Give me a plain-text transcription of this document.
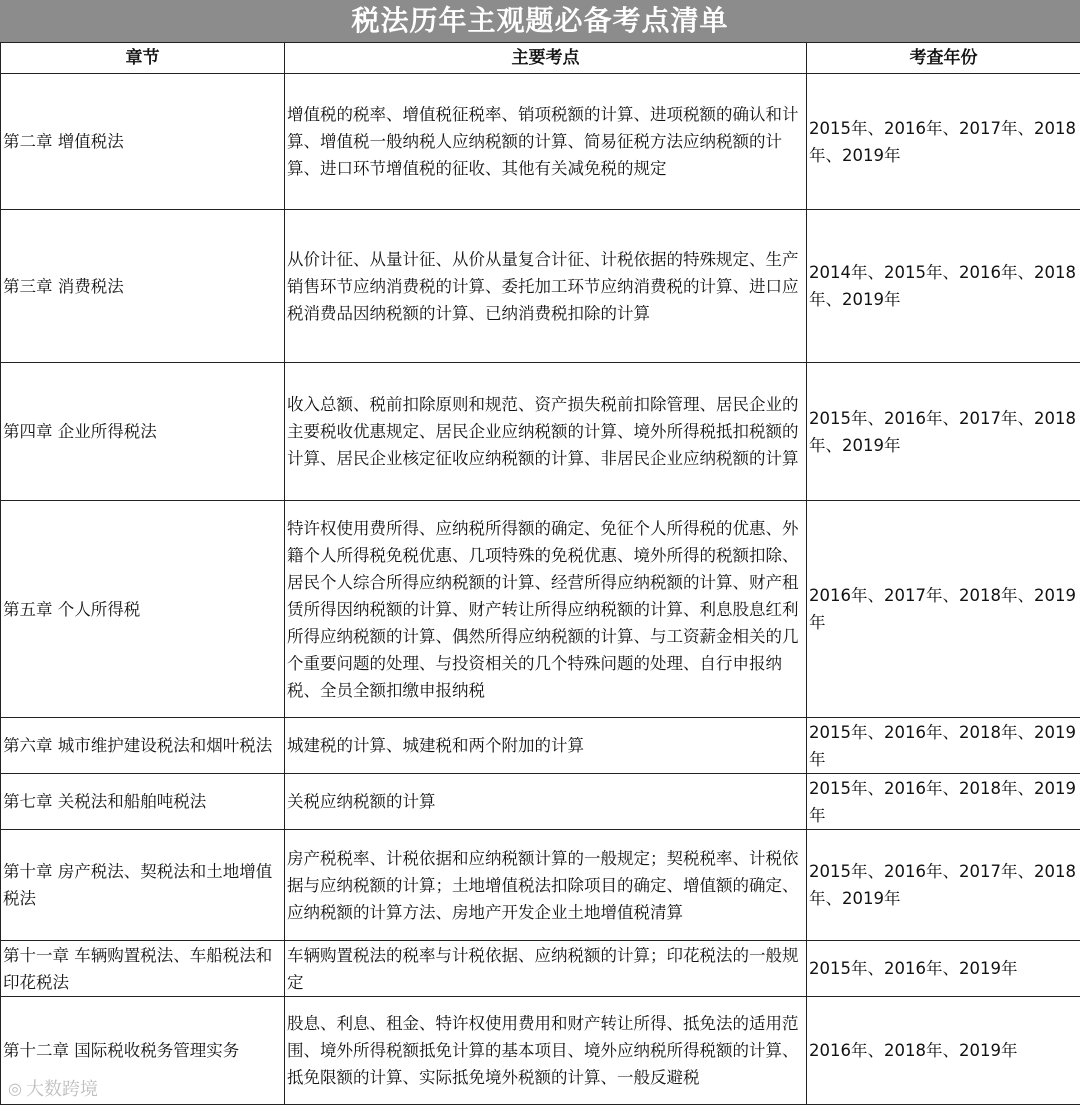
税法历年主观题必备考点清单
章节	主要考点	考查年份
第二章 增值税法	增值税的税率、增值税征税率、销项税额的计算、进项税额的确认和计算、增值税一般纳税人应纳税额的计算、简易征税方法应纳税额的计算、进口环节增值税的征收、其他有关减免税的规定	2015年、2016年、2017年、2018年、2019年
第三章 消费税法	从价计征、从量计征、从价从量复合计征、计税依据的特殊规定、生产销售环节应纳消费税的计算、委托加工环节应纳消费税的计算、进口应税消费品因纳税额的计算、已纳消费税扣除的计算	2014年、2015年、2016年、2018年、2019年
第四章 企业所得税法	收入总额、税前扣除原则和规范、资产损失税前扣除管理、居民企业的主要税收优惠规定、居民企业应纳税额的计算、境外所得税抵扣税额的计算、居民企业核定征收应纳税额的计算、非居民企业应纳税额的计算	2015年、2016年、2017年、2018年、2019年
第五章 个人所得税	特许权使用费所得、应纳税所得额的确定、免征个人所得税的优惠、外籍个人所得税免税优惠、几项特殊的免税优惠、境外所得的税额扣除、居民个人综合所得应纳税额的计算、经营所得应纳税额的计算、财产租赁所得因纳税额的计算、财产转让所得应纳税额的计算、利息股息红利所得应纳税额的计算、偶然所得应纳税额的计算、与工资薪金相关的几个重要问题的处理、与投资相关的几个特殊问题的处理、自行申报纳税、全员全额扣缴申报纳税	2016年、2017年、2018年、2019年
第六章 城市维护建设税法和烟叶税法	城建税的计算、城建税和两个附加的计算	2015年、2016年、2018年、2019年
第七章 关税法和船舶吨税法	关税应纳税额的计算	2015年、2016年、2018年、2019年
第十章 房产税法、契税法和土地增值税法	房产税税率、计税依据和应纳税额计算的一般规定；契税税率、计税依据与应纳税额的计算；土地增值税法扣除项目的确定、增值额的确定、应纳税额的计算方法、房地产开发企业土地增值税清算	2015年、2016年、2017年、2018年、2019年
第十一章 车辆购置税法、车船税法和印花税法	车辆购置税法的税率与计税依据、应纳税额的计算；印花税法的一般规定	2015年、2016年、2019年
第十二章 国际税收税务管理实务	股息、利息、租金、特许权使用费用和财产转让所得、抵免法的适用范围、境外所得税额抵免计算的基本项目、境外应纳税所得税额的计算、抵免限额的计算、实际抵免境外税额的计算、一般反避税	2016年、2018年、2019年
◎ 大数跨境
